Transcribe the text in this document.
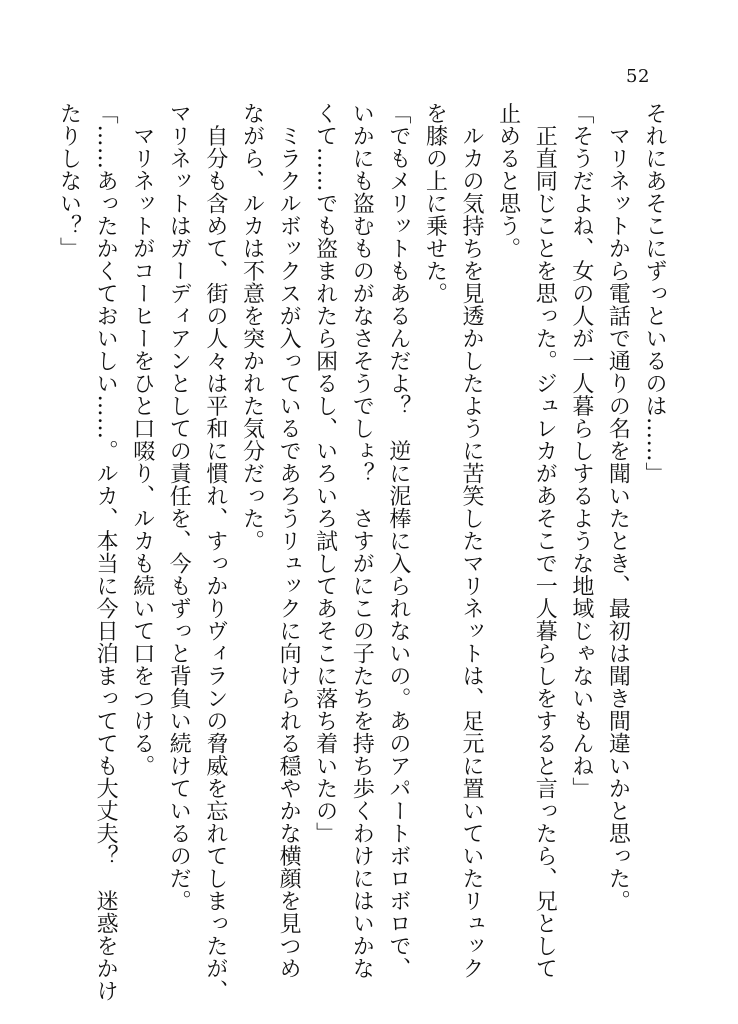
52
それにあそこにずっといるのは……」
　マリネットから電話で通りの名を聞いたとき、最初は聞き間違いかと思った。
「そうだよね、女の人が一人暮らしするような地域じゃないもんね」
　正直同じことを思った。ジュレカがあそこで一人暮らしをすると言ったら、兄として
止めると思う。
　ルカの気持ちを見透かしたように苦笑したマリネットは、足元に置いていたリュック
を膝の上に乗せた。
「でもメリットもあるんだよ？　逆に泥棒に入られないの。あのアパートボロボロで、
いかにも盗むものがなさそうでしょ？　さすがにこの子たちを持ち歩くわけにはいかな
くて……でも盗まれたら困るし、いろいろ試してあそこに落ち着いたの」
　ミラクルボックスが入っているであろうリュックに向けられる穏やかな横顔を見つめ
ながら、ルカは不意を突かれた気分だった。
　自分も含めて、街の人々は平和に慣れ、すっかりヴィランの脅威を忘れてしまったが、
マリネットはガーディアンとしての責任を、今もずっと背負い続けているのだ。
　マリネットがコーヒーをひと口啜り、ルカも続いて口をつける。
「……あったかくておいしい……。ルカ、本当に今日泊まってても大丈夫？　迷惑をかけ
たりしない？」
